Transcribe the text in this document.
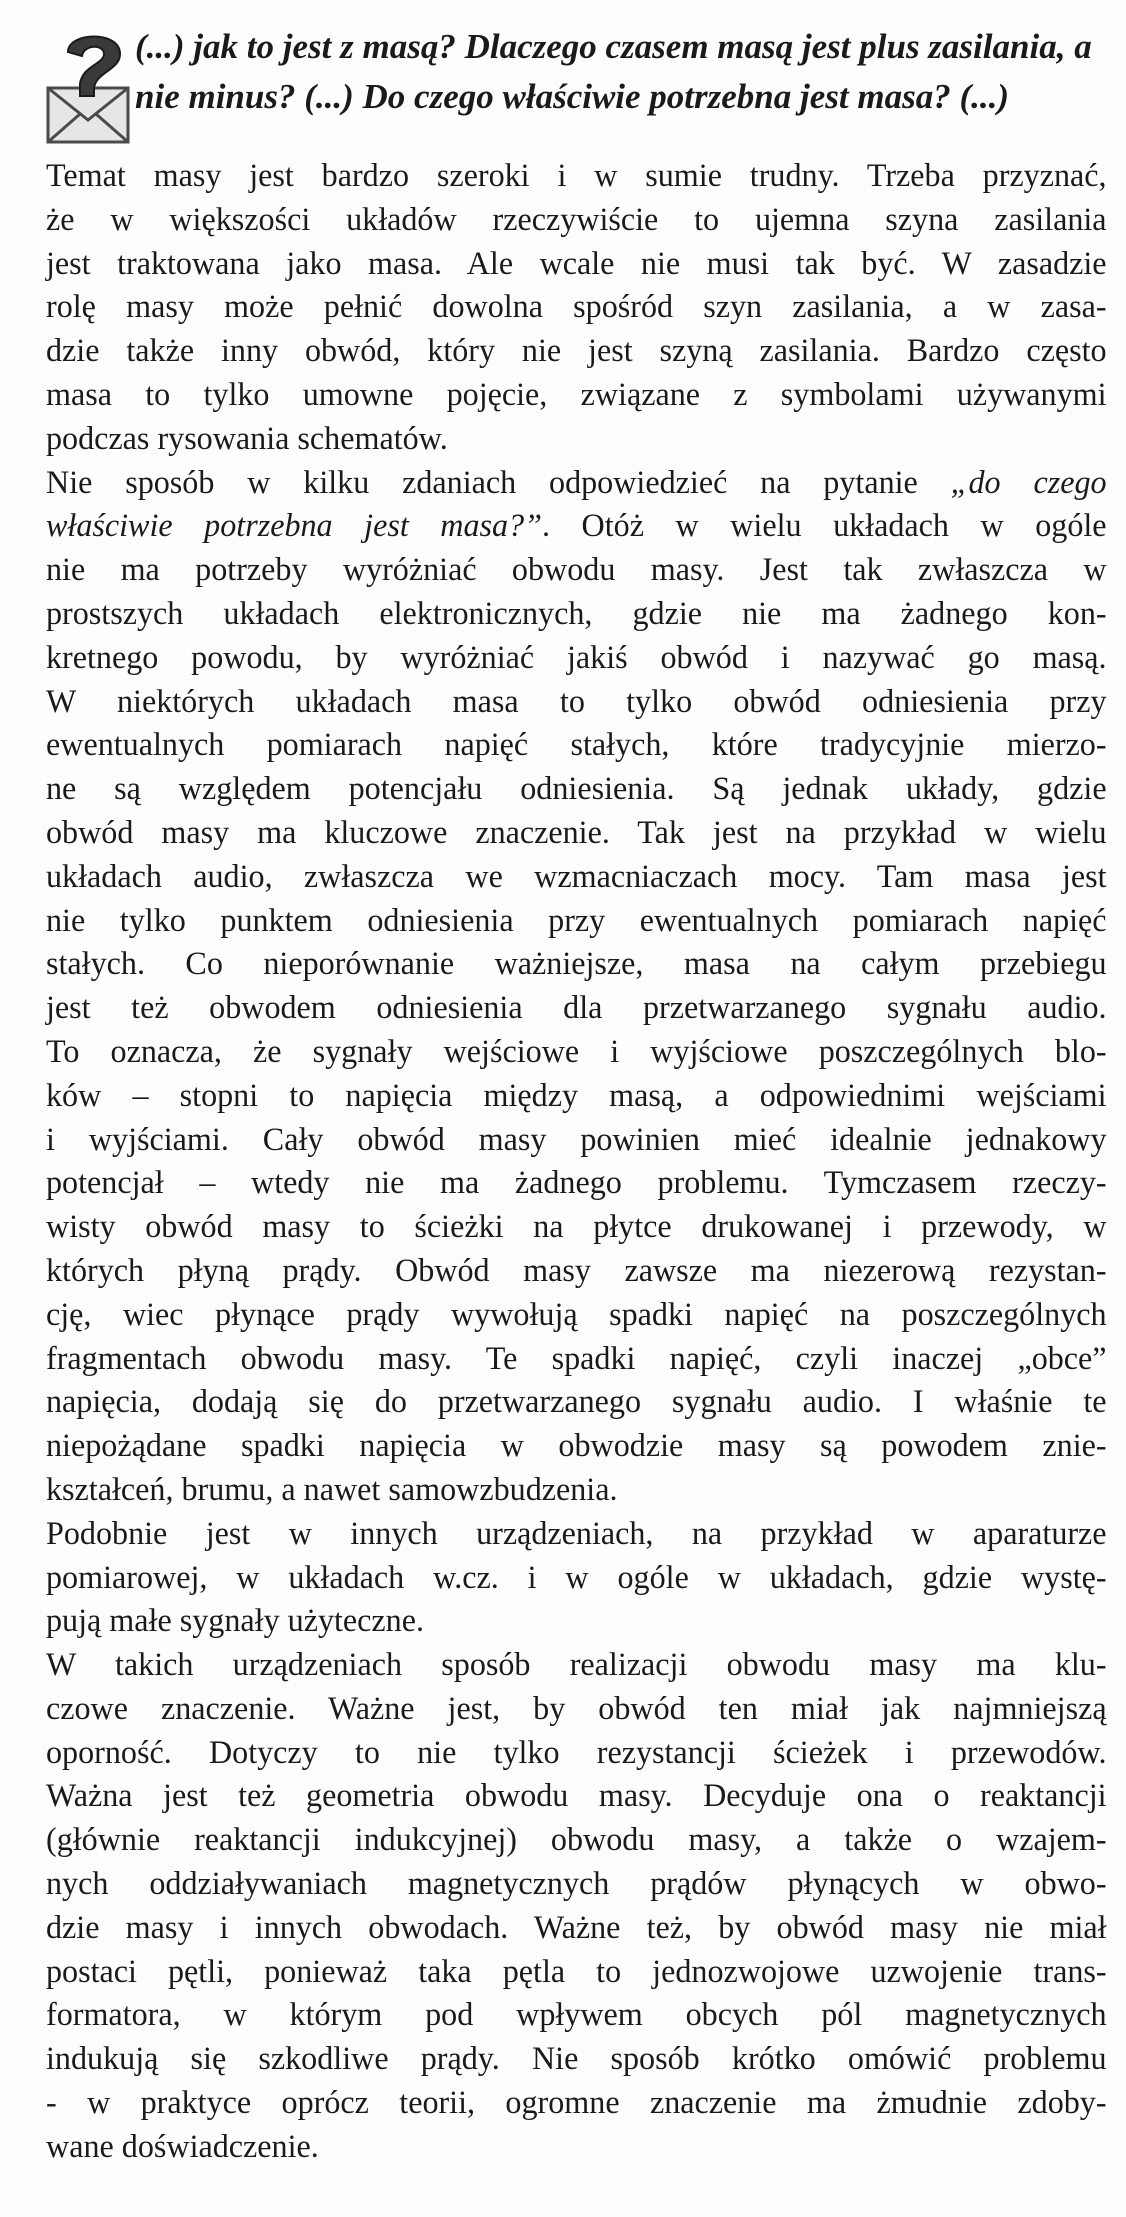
(...) jak to jest z masą? Dlaczego czasem masą jest plus zasilania, a nie minus? (...) Do czego właściwie potrzebna jest masa? (...)
Temat masy jest bardzo szeroki i w sumie trudny. Trzeba przyznać,
że w większości układów rzeczywiście to ujemna szyna zasilania
jest traktowana jako masa. Ale wcale nie musi tak być. W zasadzie
rolę masy może pełnić dowolna spośród szyn zasilania, a w zasa-
dzie także inny obwód, który nie jest szyną zasilania. Bardzo często
masa to tylko umowne pojęcie, związane z symbolami używanymi
podczas rysowania schematów.
Nie sposób w kilku zdaniach odpowiedzieć na pytanie „do czego
właściwie potrzebna jest masa?”. Otóż w wielu układach w ogóle
nie ma potrzeby wyróżniać obwodu masy. Jest tak zwłaszcza w
prostszych układach elektronicznych, gdzie nie ma żadnego kon-
kretnego powodu, by wyróżniać jakiś obwód i nazywać go masą.
W niektórych układach masa to tylko obwód odniesienia przy
ewentualnych pomiarach napięć stałych, które tradycyjnie mierzo-
ne są względem potencjału odniesienia. Są jednak układy, gdzie
obwód masy ma kluczowe znaczenie. Tak jest na przykład w wielu
układach audio, zwłaszcza we wzmacniaczach mocy. Tam masa jest
nie tylko punktem odniesienia przy ewentualnych pomiarach napięć
stałych. Co nieporównanie ważniejsze, masa na całym przebiegu
jest też obwodem odniesienia dla przetwarzanego sygnału audio.
To oznacza, że sygnały wejściowe i wyjściowe poszczególnych blo-
ków – stopni to napięcia między masą, a odpowiednimi wejściami
i wyjściami. Cały obwód masy powinien mieć idealnie jednakowy
potencjał – wtedy nie ma żadnego problemu. Tymczasem rzeczy-
wisty obwód masy to ścieżki na płytce drukowanej i przewody, w
których płyną prądy. Obwód masy zawsze ma niezerową rezystan-
cję, wiec płynące prądy wywołują spadki napięć na poszczególnych
fragmentach obwodu masy. Te spadki napięć, czyli inaczej „obce”
napięcia, dodają się do przetwarzanego sygnału audio. I właśnie te
niepożądane spadki napięcia w obwodzie masy są powodem znie-
kształceń, brumu, a nawet samowzbudzenia.
Podobnie jest w innych urządzeniach, na przykład w aparaturze
pomiarowej, w układach w.cz. i w ogóle w układach, gdzie wystę-
pują małe sygnały użyteczne.
W takich urządzeniach sposób realizacji obwodu masy ma klu-
czowe znaczenie. Ważne jest, by obwód ten miał jak najmniejszą
oporność. Dotyczy to nie tylko rezystancji ścieżek i przewodów.
Ważna jest też geometria obwodu masy. Decyduje ona o reaktancji
(głównie reaktancji indukcyjnej) obwodu masy, a także o wzajem-
nych oddziaływaniach magnetycznych prądów płynących w obwo-
dzie masy i innych obwodach. Ważne też, by obwód masy nie miał
postaci pętli, ponieważ taka pętla to jednozwojowe uzwojenie trans-
formatora, w którym pod wpływem obcych pól magnetycznych
indukują się szkodliwe prądy. Nie sposób krótko omówić problemu
- w praktyce oprócz teorii, ogromne znaczenie ma żmudnie zdoby-
wane doświadczenie.
